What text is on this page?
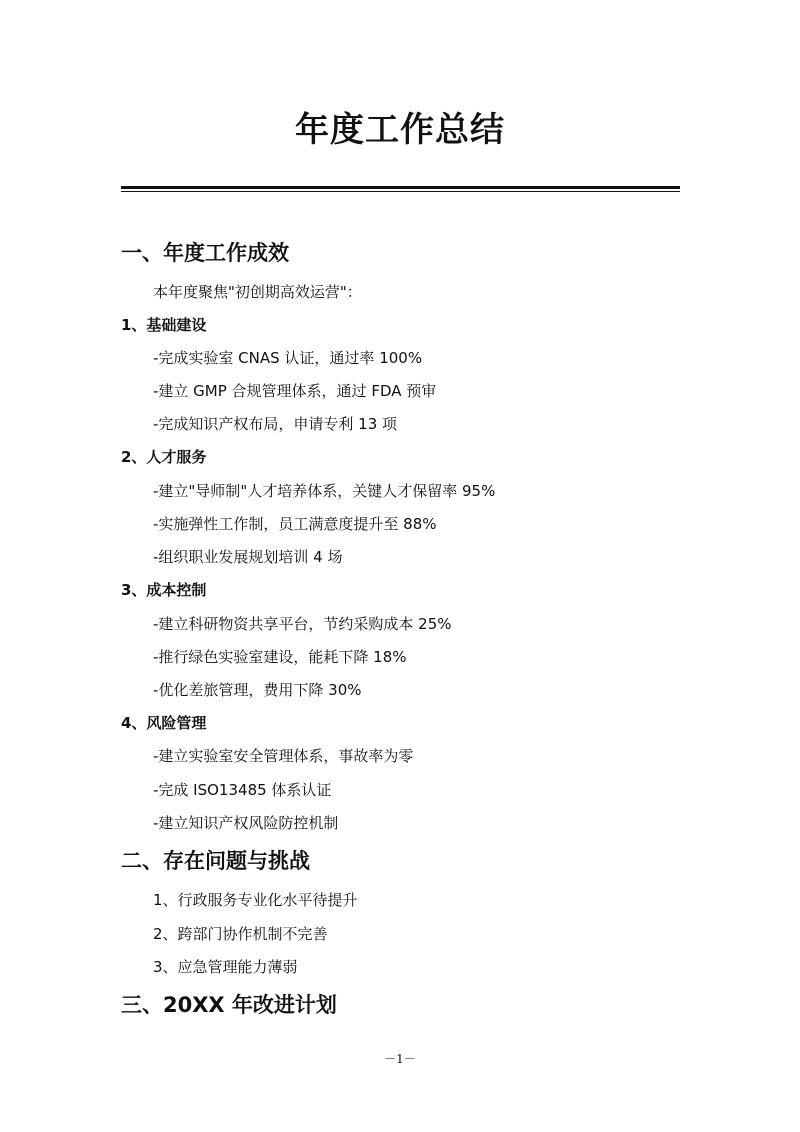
年度工作总结
一、年度工作成效
本年度聚焦"初创期高效运营"：
1、基础建设
-完成实验室 CNAS 认证，通过率 100%
-建立 GMP 合规管理体系，通过 FDA 预审
-完成知识产权布局，申请专利 13 项
2、人才服务
-建立"导师制"人才培养体系，关键人才保留率 95%
-实施弹性工作制，员工满意度提升至 88%
-组织职业发展规划培训 4 场
3、成本控制
-建立科研物资共享平台，节约采购成本 25%
-推行绿色实验室建设，能耗下降 18%
-优化差旅管理，费用下降 30%
4、风险管理
-建立实验室安全管理体系，事故率为零
-完成 ISO13485 体系认证
-建立知识产权风险防控机制
二、存在问题与挑战
1、行政服务专业化水平待提升
2、跨部门协作机制不完善
3、应急管理能力薄弱
三、20XX 年改进计划
－1－
